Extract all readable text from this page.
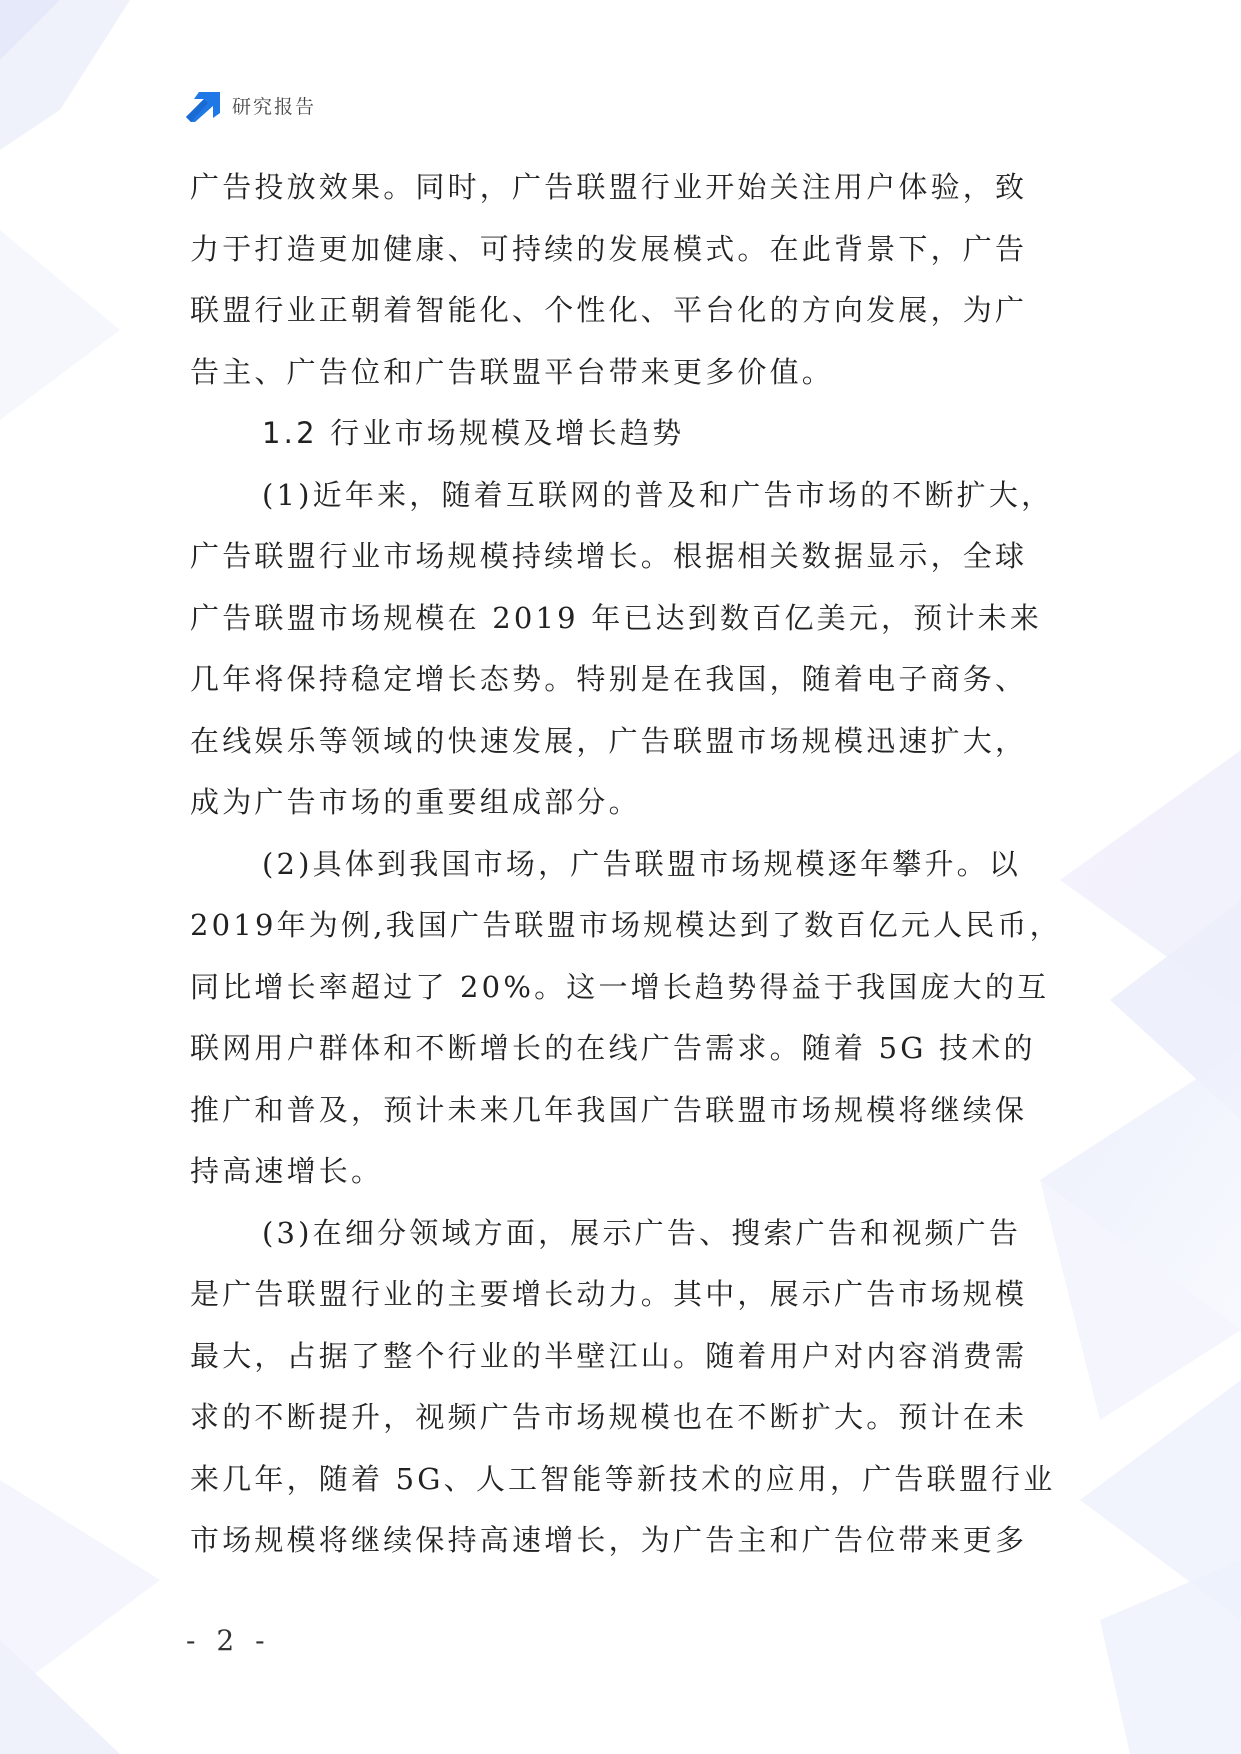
研究报告
广告投放效果。同时，广告联盟行业开始关注用户体验，致
力于打造更加健康、可持续的发展模式。在此背景下，广告
联盟行业正朝着智能化、个性化、平台化的方向发展，为广
告主、广告位和广告联盟平台带来更多价值。
1.2 行业市场规模及增长趋势
(1)近年来，随着互联网的普及和广告市场的不断扩大，
广告联盟行业市场规模持续增长。根据相关数据显示，全球
广告联盟市场规模在 2019 年已达到数百亿美元，预计未来
几年将保持稳定增长态势。特别是在我国，随着电子商务、
在线娱乐等领域的快速发展，广告联盟市场规模迅速扩大，
成为广告市场的重要组成部分。
(2)具体到我国市场，广告联盟市场规模逐年攀升。以
2019年为例,我国广告联盟市场规模达到了数百亿元人民币，
同比增长率超过了 20%。这一增长趋势得益于我国庞大的互
联网用户群体和不断增长的在线广告需求。随着 5G 技术的
推广和普及，预计未来几年我国广告联盟市场规模将继续保
持高速增长。
(3)在细分领域方面，展示广告、搜索广告和视频广告
是广告联盟行业的主要增长动力。其中，展示广告市场规模
最大，占据了整个行业的半壁江山。随着用户对内容消费需
求的不断提升，视频广告市场规模也在不断扩大。预计在未
来几年，随着 5G、人工智能等新技术的应用，广告联盟行业
市场规模将继续保持高速增长，为广告主和广告位带来更多
- 2 -
